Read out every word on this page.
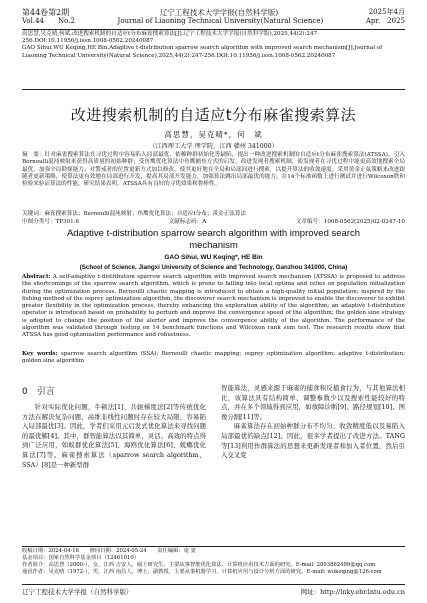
第44卷第2期	辽宁工程技术大学学报(自然科学版)	2025年4月
Vol.44　　No.2	Journal of Liaoning Technical University(Natural Science)	Apr.　2025
高思慧,吴克晴,何斌.改进搜索机制的自适应t分布麻雀搜索算法[J].辽宁工程技术大学学报(自然科学版),2025,44(2):247-256.DOI:10.11956/j.issn.1008-0562.20240087
GAO Sihui,WU Keqing,HE Bin.Adaptive t-distribution sparrow search algorithm with improved search mechanism[J].Journal of Liaoning Technical University(Natural Science),2025,44(2):247-256.DOI:10.11956/j.issn.1008-0562.20240087
改进搜索机制的自适应t分布麻雀搜索算法
高思慧，吴克晴*，何　斌
（江西理工大学 理学院，江西 赣州 341000）
摘　要：针对麻雀搜索算法在寻优过程中容易陷入局部最优、依赖种群初始化等缺陷，提出一种改进搜索机制的自适应t分布麻雀搜索算法(ATSSA)。引入Bernoulli混沌映射来获得高质量的初始种群；受鱼鹰优化算法中鱼鹰捕鱼方式的启发，改进发现者搜索机制，使发现者在寻优过程中能更高效地搜索全局最优，加强全局勘探能力；对警戒者的位置更新方式加以修改，使其更好地在全局和局部间进行搜索，以提升算法的收敛速度；采用黄金正弦策略来改进跟随者更新策略，使算法更有效地在局部进行开发，提高其局部开发能力，加强算法跳出局部最优的能力。在14个标准函数上进行测试并进行Wilcoxon秩和检验来验证算法的性能，研究结果表明，ATSSA具有良好的寻优效果和鲁棒性。
关键词：麻雀搜索算法；Bernoulli混沌映射；鱼鹰优化算法；自适应t分布；黄金正弦算法
中图分类号：TP301.6	文献标志码：A	文章编号：1008-0562(2025)02-0247-10
Adaptive t-distribution sparrow search algorithm with improved search mechanism
GAO Sihui, WU Keqing*, HE Bin
(School of Science, Jiangxi University of Science and Technology, Ganzhou 341000, China)
Abstract: A self-adaptive t-distribution sparrow search algorithm with improved search mechanism (ATSSA) is proposed to address the shortcomings of the sparrow search algorithm, which is prone to falling into local optima and relies on population initialization during the optimization process. Bernoulli chaotic mapping is introduced to obtain a high-quality initial population; inspired by the fishing method of the osprey optimization algorithm, the discoverer search mechanism is improved to enable the discoverer to exhibit greater flexibility in the optimization process, thereby enhancing the exploration ability of the algorithm; an adaptive t-distribution operator is introduced based on probability to perturb and improve the convergence speed of the algorithm; the golden sine strategy is adopted to change the position of the alerter and improve the convergence ability of the algorithm. The performance of the algorithm was validated through testing on 14 benchmark functions and Wilcoxon rank sum test. The research results show that ATSSA has good optimization performance and robustness.
Key words: sparrow search algorithm (SSA); Bernoulli chaotic mapping; osprey optimization algorithm; adaptive t-distribution; golden sine algorithm
0　引言
针对实际优化问题，牛顿法[1]、共轭梯度法[2]等传统优化方法在解决复杂问题、高维非线性问题时存在较大局限，容易陷入局部最优[3]。因此，学者们采用元启发式优化算法来寻找问题的最优解[4]。其中，群智能算法以其简单、灵活、高效的特点得到广泛应用，如蚁群优化算法[5]、海鸥优化算法[6]、蜣螂优化算法[7]等。麻雀搜索算法（sparrow search algorithm，SSA）[8]是一种新型群
智能算法，灵感来源于麻雀的捕食和反捕食行为，与其他算法相比，该算法具有结构简单、调整参数少以及搜索性能较好的特点，并在多个领域得到应用，如故障诊断[9]、路径规划[10]、图像分割[11]等。
麻雀算法存在初始种群分布不均匀、收敛精度低以及易陷入局部最优的缺点[12]。因此，很多学者提出了改进方法。TANG等[13]利用作群算法的思想来更新发现者和加入者位置，然后引入交叉变
收稿日期：2024-04-16　　修回日期：2024-05-24　　责任编辑：庞 宽
基金项目：国家自然科学基金项目（12461010）
作者简介：高思慧（2000-），女，江西 吉安人，硕士研究生，主要从事智能优化算法、计算机应用技术方面的研究。E-mail: 2893862499@qq.com
通讯作者：吴克晴（1972-），男，江西 南昌人，博士，副教授，主要从事机器学习、计算机应用与设计分析方面的研究。E-mail: wukeqing@126.com
辽宁工程技术大学学报（自然科学版）	网址：http://lnky.ebr.lntu.edu.cn
